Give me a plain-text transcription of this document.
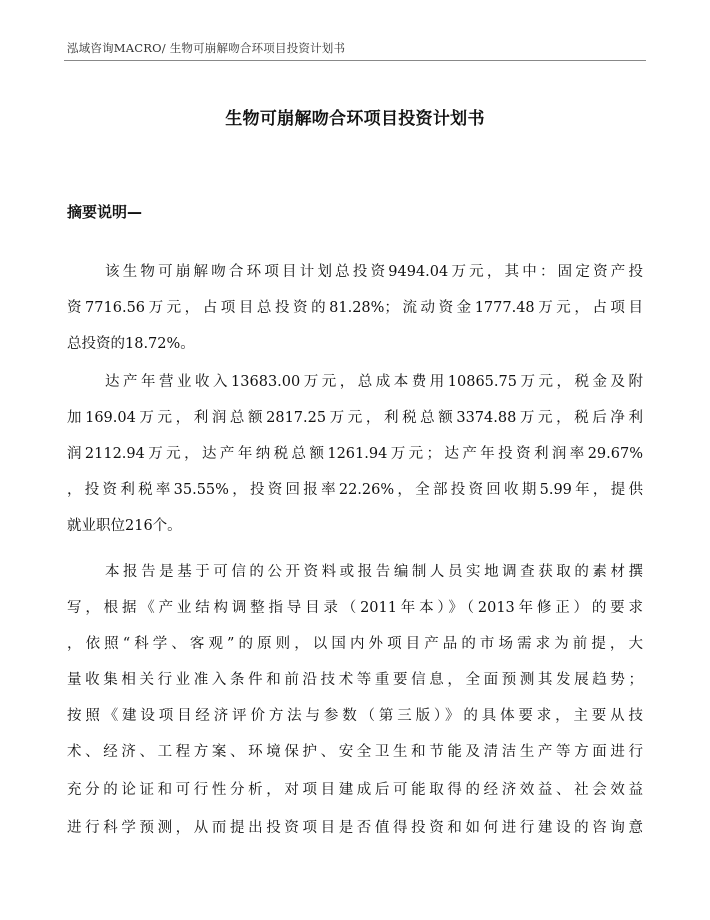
泓域咨询MACRO/ 生物可崩解吻合环项目投资计划书
生物可崩解吻合环项目投资计划书
摘要说明—
该生物可崩解吻合环项目计划总投资9494.04万元，其中：固定资产投
资7716.56万元，占项目总投资的81.28%；流动资金1777.48万元，占项目
总投资的18.72%。
达产年营业收入13683.00万元，总成本费用10865.75万元，税金及附
加169.04万元，利润总额2817.25万元，利税总额3374.88万元，税后净利
润2112.94万元，达产年纳税总额1261.94万元；达产年投资利润率29.67%
，投资利税率35.55%，投资回报率22.26%，全部投资回收期5.99年，提供
就业职位216个。
本报告是基于可信的公开资料或报告编制人员实地调查获取的素材撰
写，根据《产业结构调整指导目录（2011年本）》（2013年修正）的要求
，依照“科学、客观”的原则，以国内外项目产品的市场需求为前提，大
量收集相关行业准入条件和前沿技术等重要信息，全面预测其发展趋势；
按照《建设项目经济评价方法与参数（第三版）》的具体要求，主要从技
术、经济、工程方案、环境保护、安全卫生和节能及清洁生产等方面进行
充分的论证和可行性分析，对项目建成后可能取得的经济效益、社会效益
进行科学预测，从而提出投资项目是否值得投资和如何进行建设的咨询意
